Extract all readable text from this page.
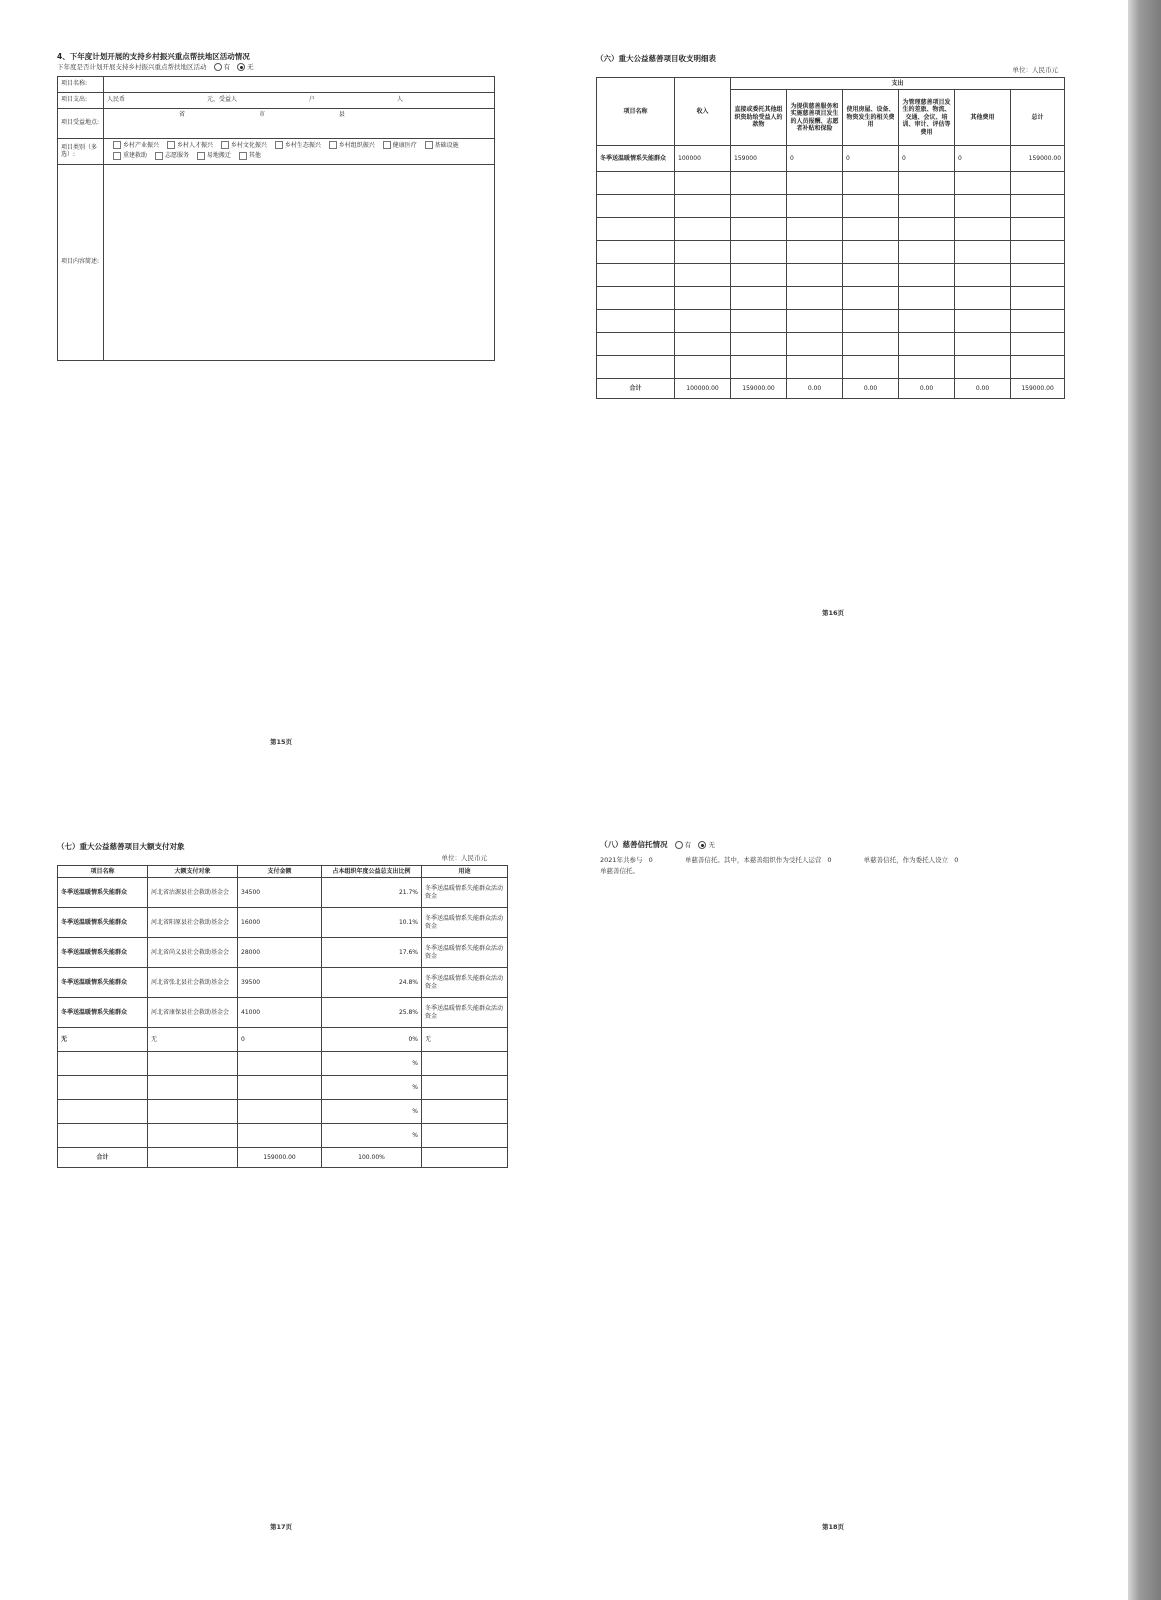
4、下年度计划开展的支持乡村振兴重点帮扶地区活动情况
下年度是否计划开展支持乡村振兴重点帮扶地区活动	有	无
项目名称:	
项目支出:	人民币 元，受益人 户 人
项目受益地点:	省 市 县
项目类别（多选）:	乡村产业振兴 乡村人才振兴 乡村文化振兴 乡村生态振兴 乡村组织振兴 健康医疗 基础设施
重建救助 志愿服务 易地搬迁 其他
项目内容简述:	
第15页
（六）重大公益慈善项目收支明细表
单位：人民币元
项目名称	收入	支出					
		直接或委托其他组织资助给受益人的款物	为提供慈善服务和实施慈善项目发生的人员报酬、志愿者补贴和保险	使用房屋、设备、物资发生的相关费用	为管理慈善项目发生的差旅、物流、交通、会议、培训、审计、评估等费用	其他费用	总计
冬季送温暖情系失能群众	100000	159000	0	0	0	0	159000.00

合计	100000.00	159000.00	0.00	0.00	0.00	0.00	159000.00
第16页
（七）重大公益慈善项目大额支付对象
单位：人民币元
项目名称	大额支付对象	支付金额	占本组织年度公益总支出比例	用途
冬季送温暖情系失能群众	河北省沽源县社会救助基金会	34500	21.7%	冬季送温暖情系失能群众活动资金
冬季送温暖情系失能群众	河北省阳原县社会救助基金会	16000	10.1%	冬季送温暖情系失能群众活动资金
冬季送温暖情系失能群众	河北省尚义县社会救助基金会	28000	17.6%	冬季送温暖情系失能群众活动资金
冬季送温暖情系失能群众	河北省张北县社会救助基金会	39500	24.8%	冬季送温暖情系失能群众活动资金
冬季送温暖情系失能群众	河北省康保县社会救助基金会	41000	25.8%	冬季送温暖情系失能群众活动资金
无	无	0	0%	无
			%	
			%	
			%	
			%	
合计		159000.00	100.00%	
第17页
（八）慈善信托情况	有	无
2021年共参与 0	单慈善信托。其中，本慈善组织作为受托人运营 0	单慈善信托，作为委托人设立 0
单慈善信托。
第18页
